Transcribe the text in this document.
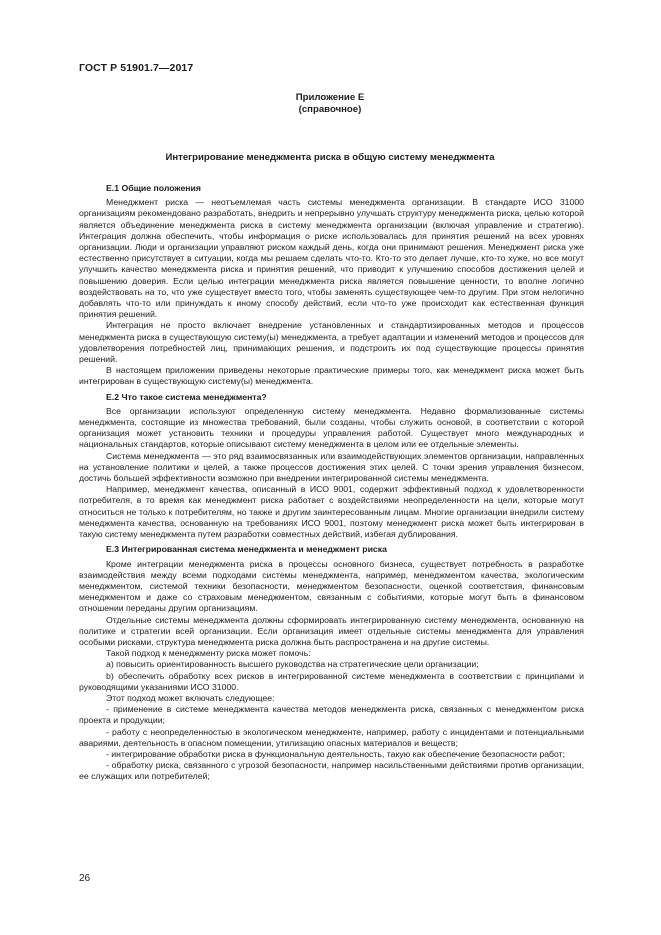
ГОСТ Р 51901.7—2017
Приложение Е
(справочное)
Интегрирование менеджмента риска в общую систему менеджмента
Е.1 Общие положения

Менеджмент риска — неотъемлемая часть системы менеджмента организации. В стандарте ИСО 31000 организациям рекомендовано разработать, внедрить и непрерывно улучшать структуру менеджмента риска, целью которой является объединение менеджмента риска в систему менеджмента организации (включая управление и стратегию). Интеграция должна обеспечить, чтобы информация о риске использовалась для принятия решений на всех уровнях организации. Люди и организации управляют риском каждый день, когда они принимают решения. Менеджмент риска уже естественно присутствует в ситуации, когда мы решаем сделать что-то. Кто-то это делает лучше, кто-то хуже, но все могут улучшить качество менеджмента риска и принятия решений, что приводит к улучшению способов достижения целей и повышению доверия. Если целью интеграции менеджмента риска является повышение ценности, то вполне логично воздействовать на то, что уже существует вместо того, чтобы заменять существующее чем-то другим. При этом нелогично добавлять что-то или принуждать к иному способу действий, если что-то уже происходит как естественная функция принятия решений.

Интеграция не просто включает внедрение установленных и стандартизированных методов и процессов менеджмента риска в существующую систему(ы) менеджмента, а требует адаптации и изменений методов и процессов для удовлетворения потребностей лиц, принимающих решения, и подстроить их под существующие процессы принятия решений.

В настоящем приложении приведены некоторые практические примеры того, как менеджмент риска может быть интегрирован в существующую систему(ы) менеджмента.

Е.2 Что такое система менеджмента?

Все организации используют определенную систему менеджмента. Недавно формализованные системы менеджмента, состоящие из множества требований, были созданы, чтобы служить основой, в соответствии с которой организация может установить техники и процедуры управления работой. Существует много международных и национальных стандартов, которые описывают систему менеджмента в целом или ее отдельные элементы.

Система менеджмента — это ряд взаимосвязанных или взаимодействующих элементов организации, направленных на установление политики и целей, а также процессов достижения этих целей. С точки зрения управления бизнесом, достичь большей эффективности возможно при внедрении интегрированной системы менеджмента.

Например, менеджмент качества, описанный в ИСО 9001, содержит эффективный подход к удовлетворенности потребителя, в то время как менеджмент риска работает с воздействиями неопределенности на цели, которые могут относиться не только к потребителям, но также и другим заинтересованным лицам. Многие организации внедрили систему менеджмента качества, основанную на требованиях ИСО 9001, поэтому менеджмент риска может быть интегрирован в такую систему менеджмента путем разработки совместных действий, избегая дублирования.

Е.3 Интегрированная система менеджмента и менеджмент риска

Кроме интеграции менеджмента риска в процессы основного бизнеса, существует потребность в разработке взаимодействия между всеми подходами системы менеджмента, например, менеджментом качества, экологическим менеджментом, системой техники безопасности, менеджментом безопасности, оценкой соответствия, финансовым менеджментом и даже со страховым менеджментом, связанным с событиями, которые могут быть в финансовом отношении переданы другим организациям.

Отдельные системы менеджмента должны сформировать интегрированную систему менеджмента, основанную на политике и стратегии всей организации. Если организация имеет отдельные системы менеджмента для управления особыми рисками, структура менеджмента риска должна быть распространена и на другие системы.

Такой подход к менеджменту риска может помочь:

а) повысить ориентированность высшего руководства на стратегические цели организации;

b) обеспечить обработку всех рисков в интегрированной системе менеджмента в соответствии с принципами и руководящими указаниями ИСО 31000.

Этот подход может включать следующее:

- применение в системе менеджмента качества методов менеджмента риска, связанных с менеджментом риска проекта и продукции;

- работу с неопределенностью в экологическом менеджменте, например, работу с инцидентами и потенциальными авариями, деятельность в опасном помещении, утилизацию опасных материалов и веществ;

- интегрирование обработки риска в функциональную деятельность, такую как обеспечение безопасности работ;

- обработку риска, связанного с угрозой безопасности, например насильственными действиями против организации, ее служащих или потребителей;

26
